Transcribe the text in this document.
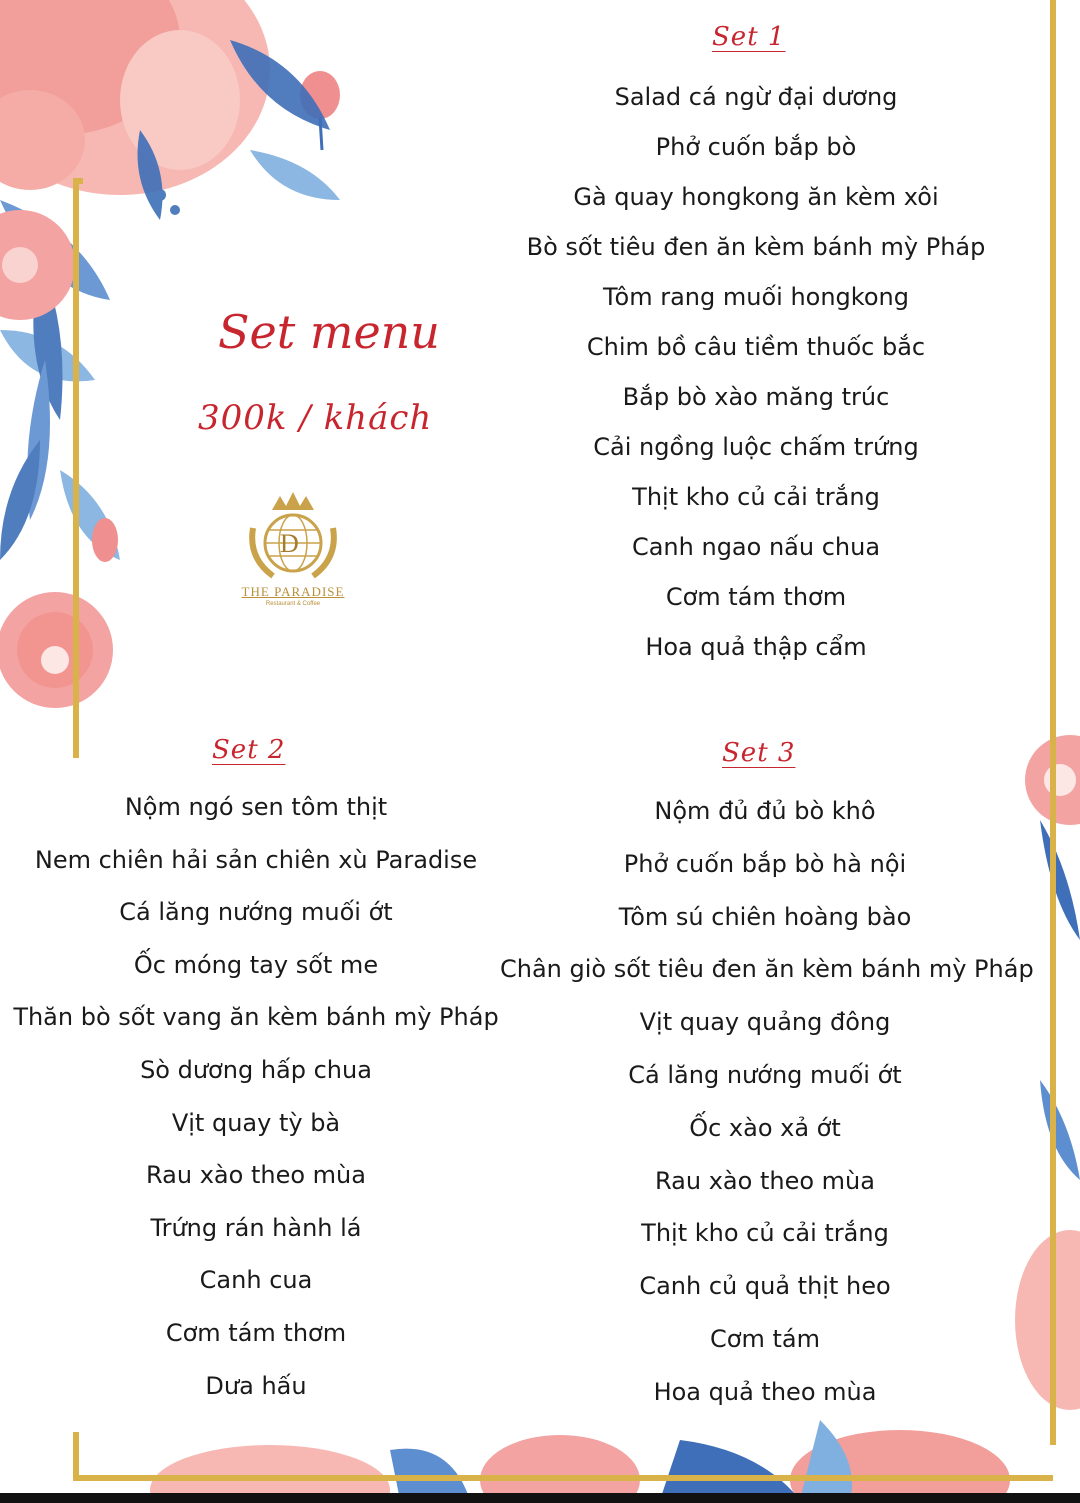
Set menu
300k / khách
D
THE PARADISE
Restaurant & Coffee
Set 1
Salad cá ngừ đại dương
Phở cuốn bắp bò
Gà quay hongkong ăn kèm xôi
Bò sốt tiêu đen ăn kèm bánh mỳ Pháp
Tôm rang muối hongkong
Chim bồ câu tiềm thuốc bắc
Bắp bò xào măng trúc
Cải ngồng luộc chấm trứng
Thịt kho củ cải trắng
Canh ngao nấu chua
Cơm tám thơm
Hoa quả thập cẩm
Set 2
Nộm ngó sen tôm thịt
Nem chiên hải sản chiên xù Paradise
Cá lăng nướng muối ớt
Ốc móng tay sốt me
Thăn bò sốt vang ăn kèm bánh mỳ Pháp
Sò dương hấp chua
Vịt quay tỳ bà
Rau xào theo mùa
Trứng rán hành lá
Canh cua
Cơm tám thơm
Dưa hấu
Set 3
Nộm đủ đủ bò khô
Phở cuốn bắp bò hà nội
Tôm sú chiên hoàng bào
Chân giò sốt tiêu đen ăn kèm bánh mỳ Pháp
Vịt quay quảng đông
Cá lăng nướng muối ớt
Ốc xào xả ớt
Rau xào theo mùa
Thịt kho củ cải trắng
Canh củ quả thịt heo
Cơm tám
Hoa quả theo mùa
